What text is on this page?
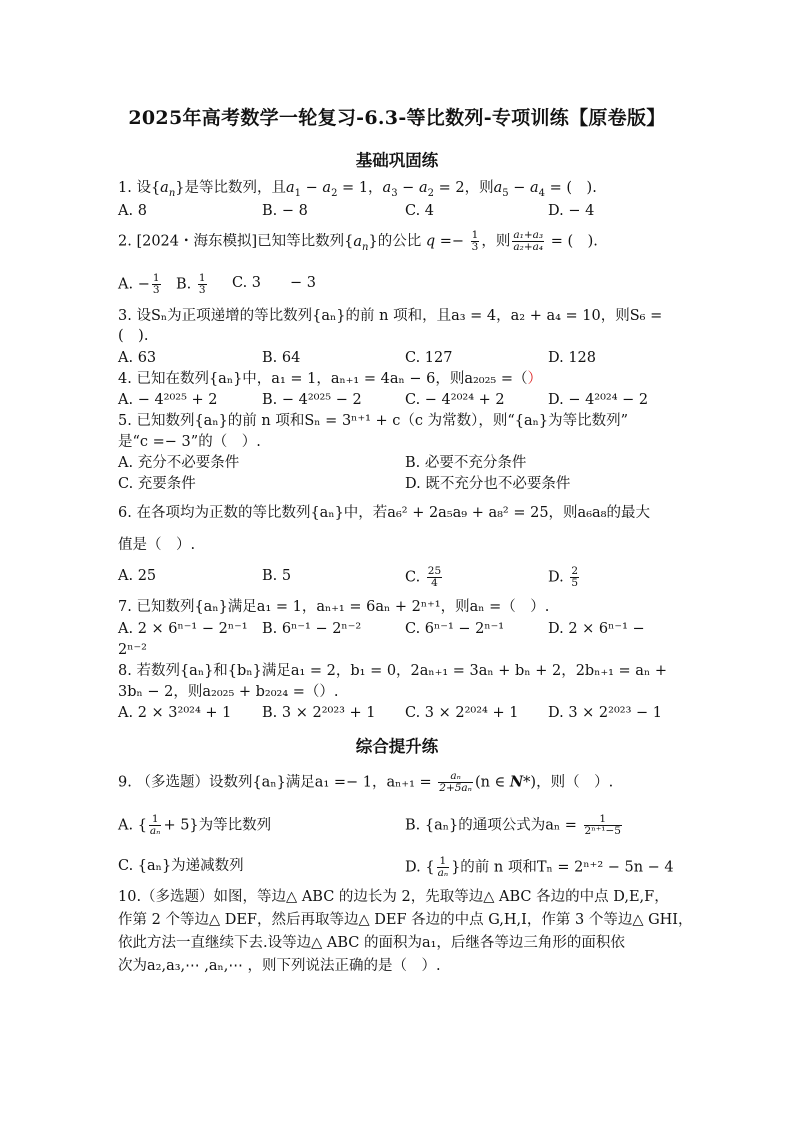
2025年高考数学一轮复习-6.3-等比数列-专项训练【原卷版】
基础巩固练
1. 设$\{a_n\}$是等比数列，且$a_1 - a_2 = 1$，$a_3 - a_2 = 2$，则$a_5 - a_4$ = (　).
A. 8	B. − 8	C. 4	D. − 4
2. [2024・海东模拟]已知等比数列$\{a_n\}$的公比 $q =- \frac{1}{3}$ ，则 $\frac{\text{a₁+a₃}}{\text{a₂+a₄}}$ = (　).
A. − $\frac{1}{3} B$. $\frac{1}{3} C$. 3 − 3
3. 设Sₙ为正项递增的等比数列{aₙ}的前 n 项和，且a₃ = 4，a₂ + a₄ = 10，则S₆ =
(　).
A. 63	B. 64	C. 127	D. 128
4. 已知在数列{aₙ}中，a₁ = 1，aₙ₊₁ = 4aₙ − 6，则a₂₀₂₅ =（）
A. − 4²⁰²⁵ + 2	B. − 4²⁰²⁵ − 2	C. − 4²⁰²⁴ + 2	D. − 4²⁰²⁴ − 2
5. 已知数列{aₙ}的前 n 项和Sₙ = 3ⁿ⁺¹ + c（c 为常数），则“{aₙ}为等比数列”
是“c =− 3”的（　）.
A. 充分不必要条件	B. 必要不充分条件
C. 充要条件	D. 既不充分也不必要条件
6. 在各项均为正数的等比数列{aₙ}中，若a₆² + 2a₅a₉ + a₈² = 25，则a₆a₈的最大
值是（　）.
A. 25	B. 5	C. $\frac{25}{4}$	D. $\frac{2}{5}$
7. 已知数列{aₙ}满足a₁ = 1，aₙ₊₁ = 6aₙ + 2ⁿ⁺¹，则aₙ =（　）.
A. 2 × 6ⁿ⁻¹ − 2ⁿ⁻¹ B. 6ⁿ⁻¹ − 2ⁿ⁻²	C. 6ⁿ⁻¹ − 2ⁿ⁻¹	D. 2 × 6ⁿ⁻¹ −
2ⁿ⁻²
8. 若数列{aₙ}和{bₙ}满足a₁ = 2，b₁ = 0，2aₙ₊₁ = 3aₙ + bₙ + 2，2bₙ₊₁ = aₙ +
3bₙ − 2，则a₂₀₂₅ + b₂₀₂₄ =（）.
A. 2 × 3²⁰²⁴ + 1 B. 3 × 2²⁰²³ + 1 C. 3 × 2²⁰²⁴ + 1 D. 3 × 2²⁰²³ − 1
综合提升练
9. （多选题）设数列{aₙ}满足a₁ =− 1，$a_{n+1} = \frac{\text{aₙ}}{\text{2+5aₙ}} (n$ ∈ N*)，则（　）.
A. { $\frac{1}{\text{aₙ}} + 5$}为等比数列	B. {aₙ}的通项公式为$a_n = \frac{1}{\text{2ⁿ⁺¹−5}}$
C. {aₙ}为递减数列	D. { $\frac{1}{\text{aₙ}}$ }的前 n 项和Tₙ = 2ⁿ⁺² − 5n − 4
10.（多选题）如图，等边△ ABC 的边长为 2，先取等边△ ABC 各边的中点 D,E,F，
作第 2 个等边△ DEF，然后再取等边△ DEF 各边的中点 G,H,I，作第 3 个等边△ GHI，
依此方法一直继续下去.设等边△ ABC 的面积为a₁，后继各等边三角形的面积依
次为a₂,a₃,⋯ ,aₙ,⋯ ，则下列说法正确的是（　）.
